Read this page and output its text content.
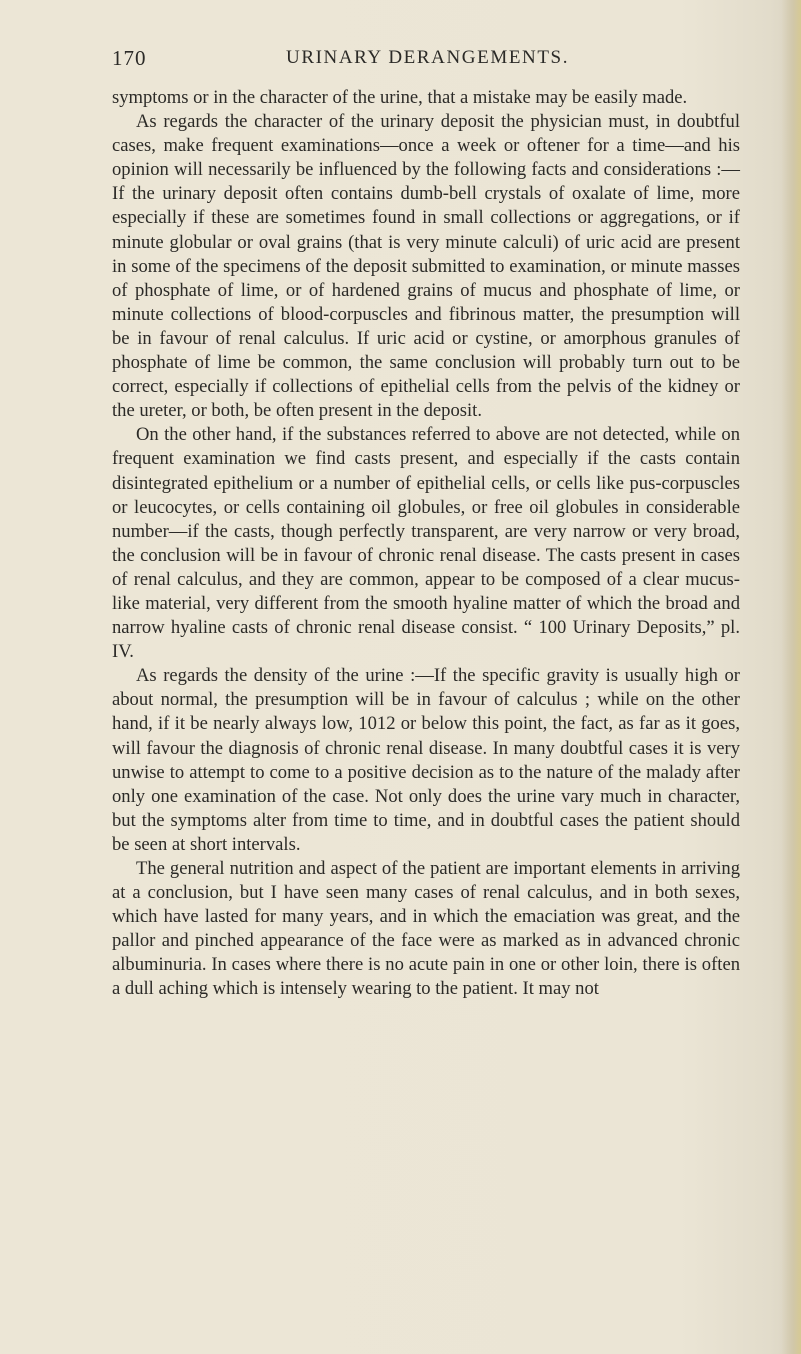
170	URINARY DERANGEMENTS.

symptoms or in the character of the urine, that a mistake may be easily made.

As regards the character of the urinary deposit the physician must, in doubtful cases, make frequent examinations—once a week or oftener for a time—and his opinion will necessarily be influenced by the following facts and considerations :—If the urinary deposit often contains dumb-bell crystals of oxalate of lime, more especially if these are sometimes found in small collections or aggregations, or if minute globular or oval grains (that is very minute calculi) of uric acid are present in some of the specimens of the deposit submitted to examination, or minute masses of phosphate of lime, or of hardened grains of mucus and phosphate of lime, or minute collections of blood-corpuscles and fibrinous matter, the presumption will be in favour of renal calculus. If uric acid or cystine, or amorphous granules of phosphate of lime be common, the same conclusion will probably turn out to be correct, especially if collections of epithelial cells from the pelvis of the kidney or the ureter, or both, be often present in the deposit.

On the other hand, if the substances referred to above are not detected, while on frequent examination we find casts present, and especially if the casts contain disintegrated epithelium or a number of epithelial cells, or cells like pus-corpuscles or leucocytes, or cells containing oil globules, or free oil globules in considerable number—if the casts, though perfectly transparent, are very narrow or very broad, the conclusion will be in favour of chronic renal disease. The casts present in cases of renal calculus, and they are common, appear to be composed of a clear mucus-like material, very different from the smooth hyaline matter of which the broad and narrow hyaline casts of chronic renal disease consist. “ 100 Urinary Deposits,” pl. IV.

As regards the density of the urine :—If the specific gravity is usually high or about normal, the presumption will be in favour of calculus ; while on the other hand, if it be nearly always low, 1012 or below this point, the fact, as far as it goes, will favour the diagnosis of chronic renal disease. In many doubtful cases it is very unwise to attempt to come to a positive decision as to the nature of the malady after only one examination of the case. Not only does the urine vary much in character, but the symptoms alter from time to time, and in doubtful cases the patient should be seen at short intervals.

The general nutrition and aspect of the patient are important elements in arriving at a conclusion, but I have seen many cases of renal calculus, and in both sexes, which have lasted for many years, and in which the emaciation was great, and the pallor and pinched appearance of the face were as marked as in advanced chronic albuminuria. In cases where there is no acute pain in one or other loin, there is often a dull aching which is intensely wearing to the patient. It may not
